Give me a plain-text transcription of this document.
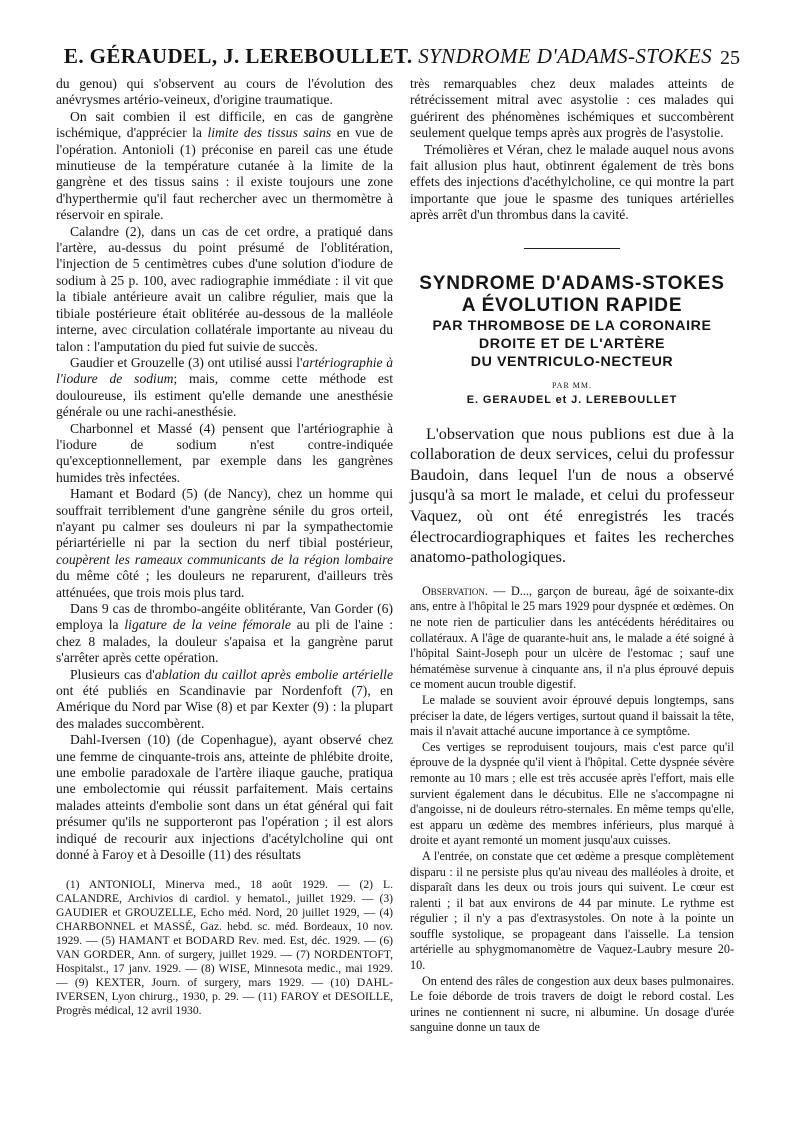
E. GÉRAUDEL, J. LEREBOULLET. SYNDROME D'ADAMS-STOKES 25

du genou) qui s'observent au cours de l'évolution des anévrysmes artério-veineux, d'origine traumatique.

On sait combien il est difficile, en cas de gangrène ischémique, d'apprécier la limite des tissus sains en vue de l'opération. Antonioli (1) préconise en pareil cas une étude minutieuse de la température cutanée à la limite de la gangrène et des tissus sains : il existe toujours une zone d'hyperthermie qu'il faut rechercher avec un thermomètre à réservoir en spirale.

Calandre (2), dans un cas de cet ordre, a pratiqué dans l'artère, au-dessus du point présumé de l'oblitération, l'injection de 5 centimètres cubes d'une solution d'iodure de sodium à 25 p. 100, avec radiographie immédiate : il vit que la tibiale antérieure avait un calibre régulier, mais que la tibiale postérieure était oblitérée au-dessous de la malléole interne, avec circulation collatérale importante au niveau du talon : l'amputation du pied fut suivie de succès.

Gaudier et Grouzelle (3) ont utilisé aussi l'artériographie à l'iodure de sodium; mais, comme cette méthode est douloureuse, ils estiment qu'elle demande une anesthésie générale ou une rachi-anesthésie.

Charbonnel et Massé (4) pensent que l'artériographie à l'iodure de sodium n'est contre-indiquée qu'exceptionnellement, par exemple dans les gangrènes humides très infectées.

Hamant et Bodard (5) (de Nancy), chez un homme qui souffrait terriblement d'une gangrène sénile du gros orteil, n'ayant pu calmer ses douleurs ni par la sympathectomie périartérielle ni par la section du nerf tibial postérieur, coupèrent les rameaux communicants de la région lombaire du même côté ; les douleurs ne reparurent, d'ailleurs très atténuées, que trois mois plus tard.

Dans 9 cas de thrombo-angéite oblitérante, Van Gorder (6) employa la ligature de la veine fémorale au pli de l'aine : chez 8 malades, la douleur s'apaisa et la gangrène parut s'arrêter après cette opération.

Plusieurs cas d'ablation du caillot après embolie artérielle ont été publiés en Scandinavie par Nordenfoft (7), en Amérique du Nord par Wise (8) et par Kexter (9) : la plupart des malades succombèrent.

Dahl-Iversen (10) (de Copenhague), ayant observé chez une femme de cinquante-trois ans, atteinte de phlébite droite, une embolie paradoxale de l'artère iliaque gauche, pratiqua une embolectomie qui réussit parfaitement. Mais certains malades atteints d'embolie sont dans un état général qui fait présumer qu'ils ne supporteront pas l'opération ; il est alors indiqué de recourir aux injections d'acétylcholine qui ont donné à Faroy et à Desoille (11) des résultats

(1) ANTONIOLI, Minerva med., 18 août 1929. — (2) L. CALANDRE, Archivios di cardiol. y hematol., juillet 1929. — (3) GAUDIER et GROUZELLE, Echo méd. Nord, 20 juillet 1929, — (4) CHARBONNEL et MASSÉ, Gaz. hebd. sc. méd. Bordeaux, 10 nov. 1929. — (5) HAMANT et BODARD Rev. med. Est, déc. 1929. — (6) VAN GORDER, Ann. of surgery, juillet 1929. — (7) NORDENTOFT, Hospitalst., 17 janv. 1929. — (8) WISE, Minnesota medic., mai 1929. — (9) KEXTER, Journ. of surgery, mars 1929. — (10) DAHL-IVERSEN, Lyon chirurg., 1930, p. 29. — (11) FAROY et DESOILLE, Progrès médical, 12 avril 1930.

très remarquables chez deux malades atteints de rétrécissement mitral avec asystolie : ces malades qui guérirent des phénomènes ischémiques et succombèrent seulement quelque temps après aux progrès de l'asystolie.

Trémolières et Véran, chez le malade auquel nous avons fait allusion plus haut, obtinrent également de très bons effets des injections d'acéthylcholine, ce qui montre la part importante que joue le spasme des tuniques artérielles après arrêt d'un thrombus dans la cavité.

SYNDROME D'ADAMS-STOKES

A ÉVOLUTION RAPIDE

PAR THROMBOSE DE LA CORONAIRE

DROITE ET DE L'ARTÈRE

DU VENTRICULO-NECTEUR

PAR MM.

E. GERAUDEL et J. LEREBOULLET

L'observation que nous publions est due à la collaboration de deux services, celui du professur Baudoin, dans lequel l'un de nous a observé jusqu'à sa mort le malade, et celui du professeur Vaquez, où ont été enregistrés les tracés électrocardiographiques et faites les recherches anatomo-pathologiques.

Observation. — D..., garçon de bureau, âgé de soixante-dix ans, entre à l'hôpital le 25 mars 1929 pour dyspnée et œdèmes. On ne note rien de particulier dans les antécédents héréditaires ou collatéraux. A l'âge de quarante-huit ans, le malade a été soigné à l'hôpital Saint-Joseph pour un ulcère de l'estomac ; sauf une hématémèse survenue à cinquante ans, il n'a plus éprouvé depuis ce moment aucun trouble digestif.

Le malade se souvient avoir éprouvé depuis longtemps, sans préciser la date, de légers vertiges, surtout quand il baissait la tête, mais il n'avait attaché aucune importance à ce symptôme.

Ces vertiges se reproduisent toujours, mais c'est parce qu'il éprouve de la dyspnée qu'il vient à l'hôpital. Cette dyspnée sévère remonte au 10 mars ; elle est très accusée après l'effort, mais elle survient également dans le décubitus. Elle ne s'accompagne ni d'angoisse, ni de douleurs rétro-sternales. En même temps qu'elle, est apparu un œdème des membres inférieurs, plus marqué à droite et ayant remonté un moment jusqu'aux cuisses.

A l'entrée, on constate que cet œdème a presque complètement disparu : il ne persiste plus qu'au niveau des malléoles à droite, et disparaît dans les deux ou trois jours qui suivent. Le cœur est ralenti ; il bat aux environs de 44 par minute. Le rythme est régulier ; il n'y a pas d'extrasystoles. On note à la pointe un souffle systolique, se propageant dans l'aisselle. La tension artérielle au sphygmomanomètre de Vaquez-Laubry mesure 20-10.

On entend des râles de congestion aux deux bases pulmonaires. Le foie déborde de trois travers de doigt le rebord costal. Les urines ne contiennent ni sucre, ni albumine. Un dosage d'urée sanguine donne un taux de
